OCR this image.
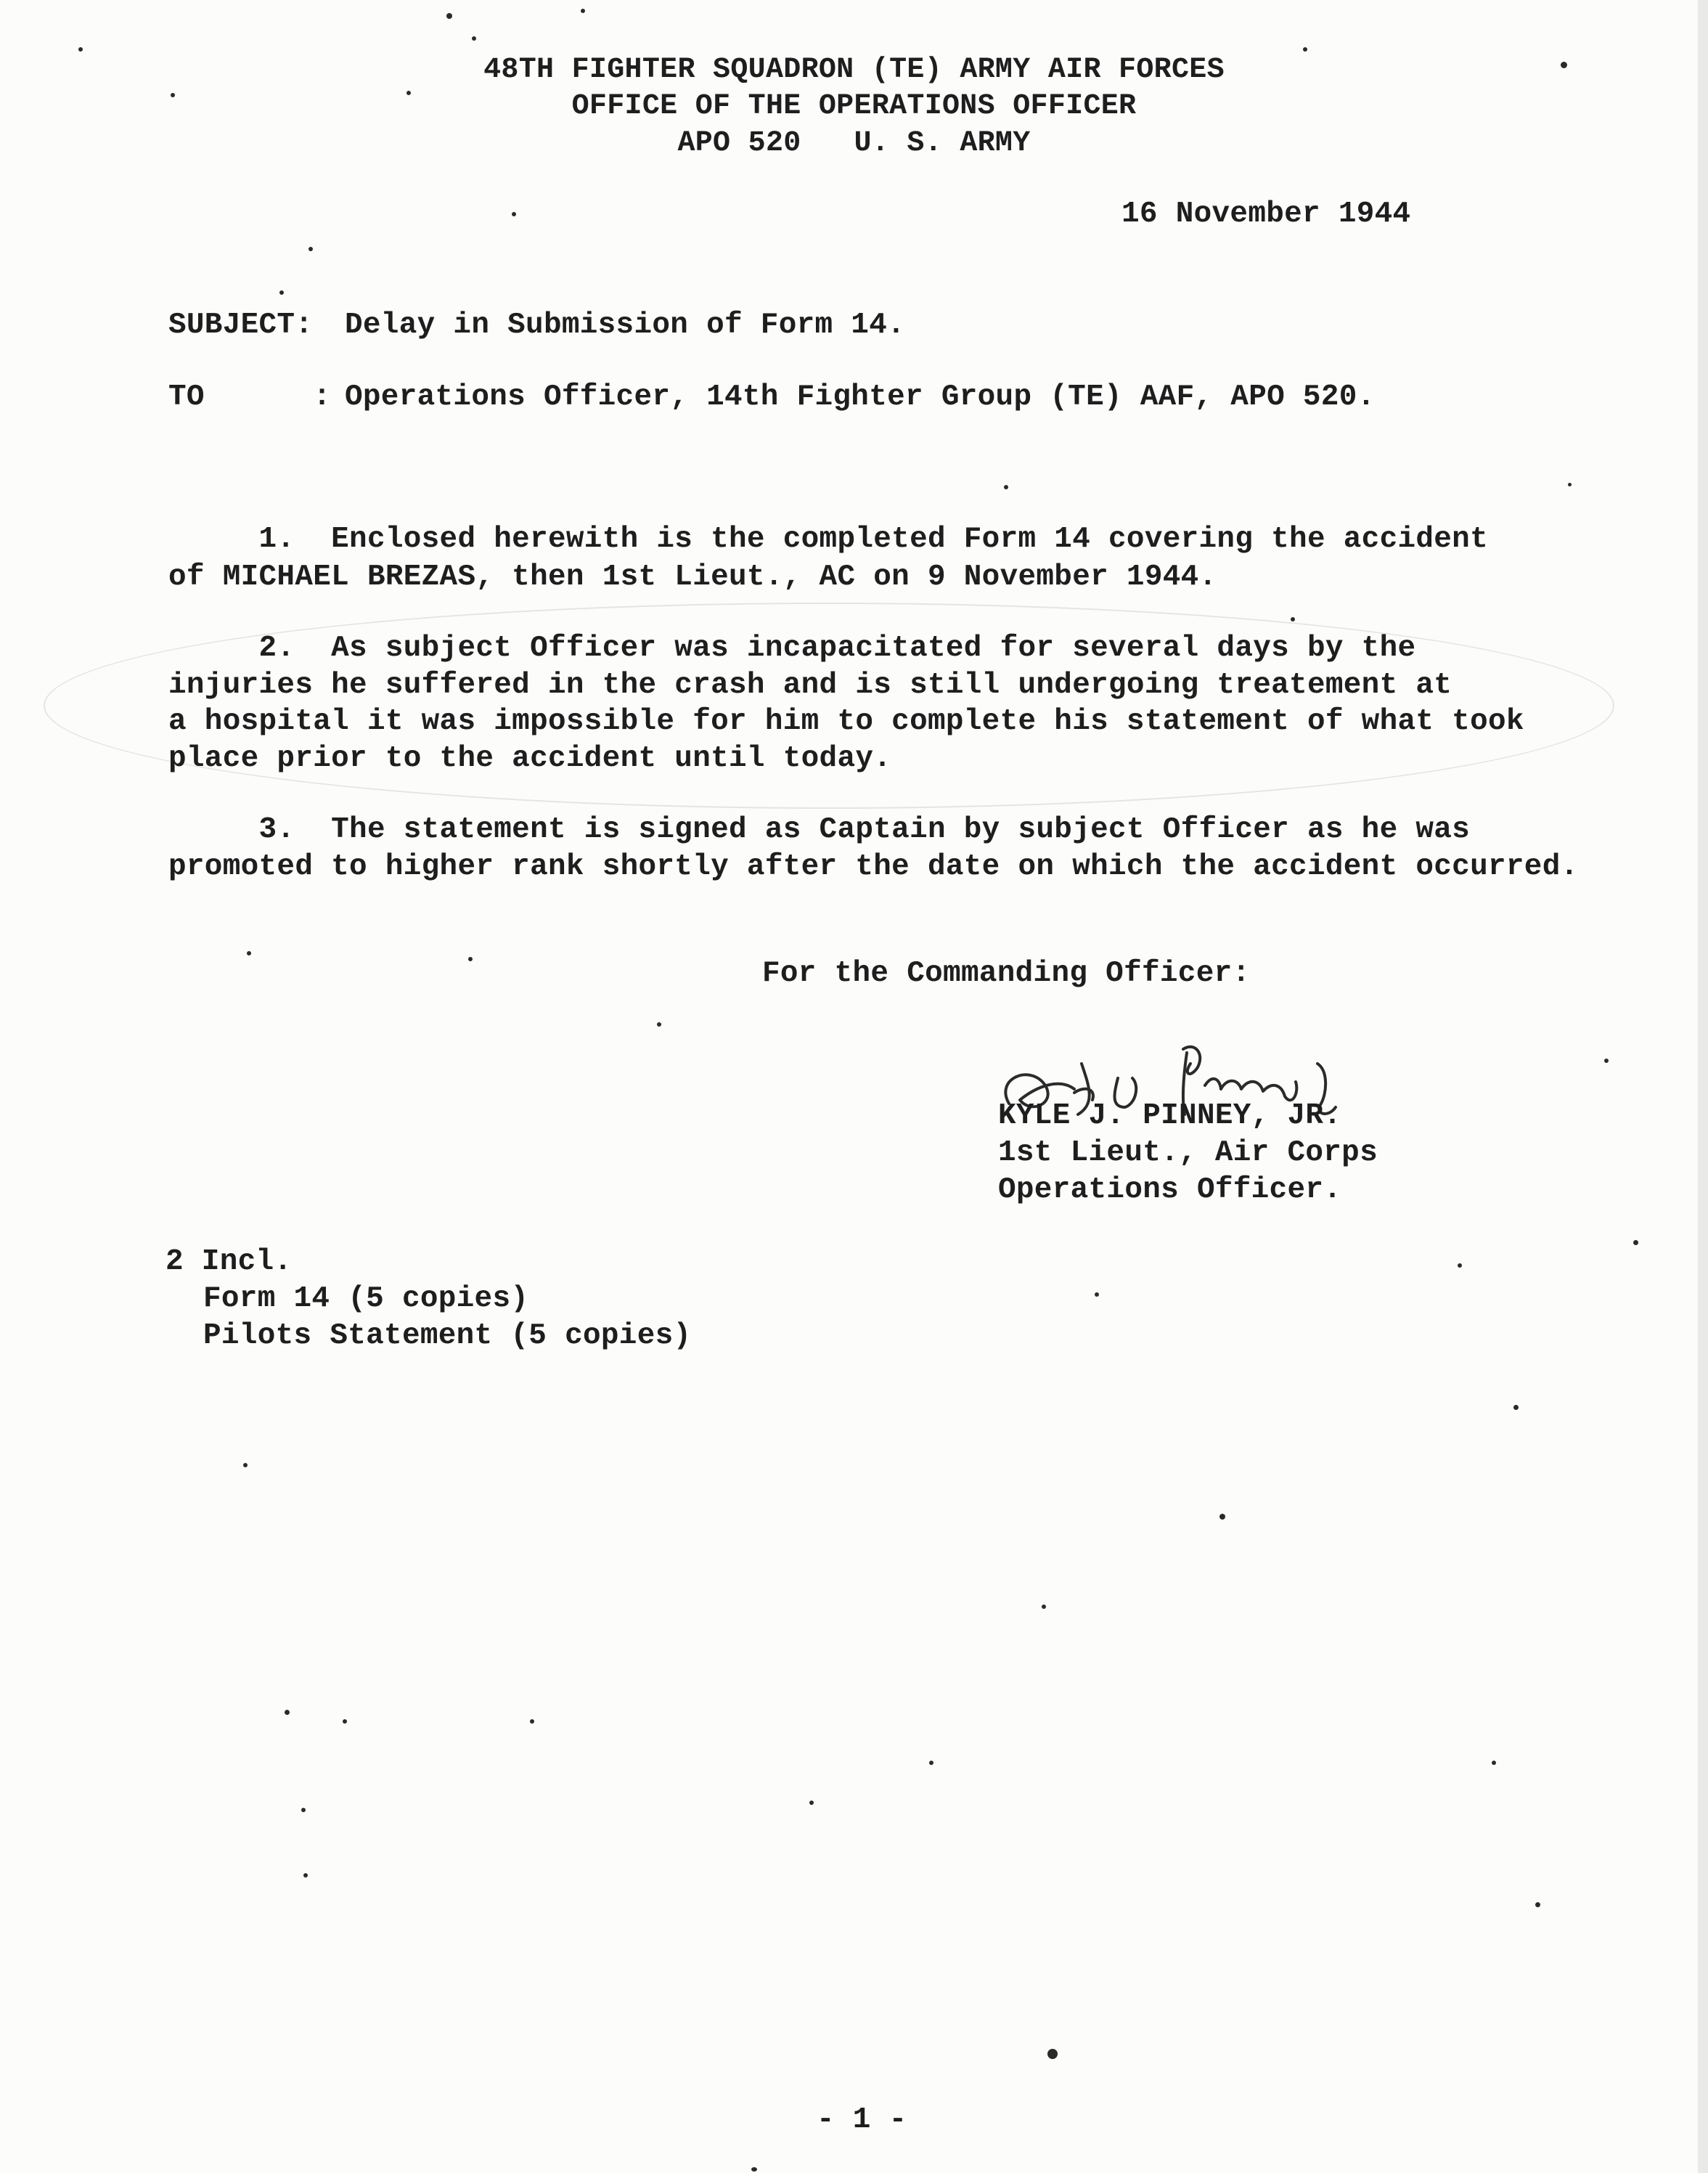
48TH FIGHTER SQUADRON (TE) ARMY AIR FORCES
OFFICE OF THE OPERATIONS OFFICER
APO 520   U. S. ARMY
16 November 1944
SUBJECT: Delay in Submission of Form 14.
TO      : Operations Officer, 14th Fighter Group (TE) AAF, APO 520.
1.  Enclosed herewith is the completed Form 14 covering the accident
of MICHAEL BREZAS, then 1st Lieut., AC on 9 November 1944.
2.  As subject Officer was incapacitated for several days by the
injuries he suffered in the crash and is still undergoing treatement at
a hospital it was impossible for him to complete his statement of what took
place prior to the accident until today.
3.  The statement is signed as Captain by subject Officer as he was
promoted to higher rank shortly after the date on which the accident occurred.
For the Commanding Officer:
KYLE J. PINNEY, JR.
1st Lieut., Air Corps
Operations Officer.
2 Incl.
Form 14 (5 copies)
Pilots Statement (5 copies)
- 1 -
